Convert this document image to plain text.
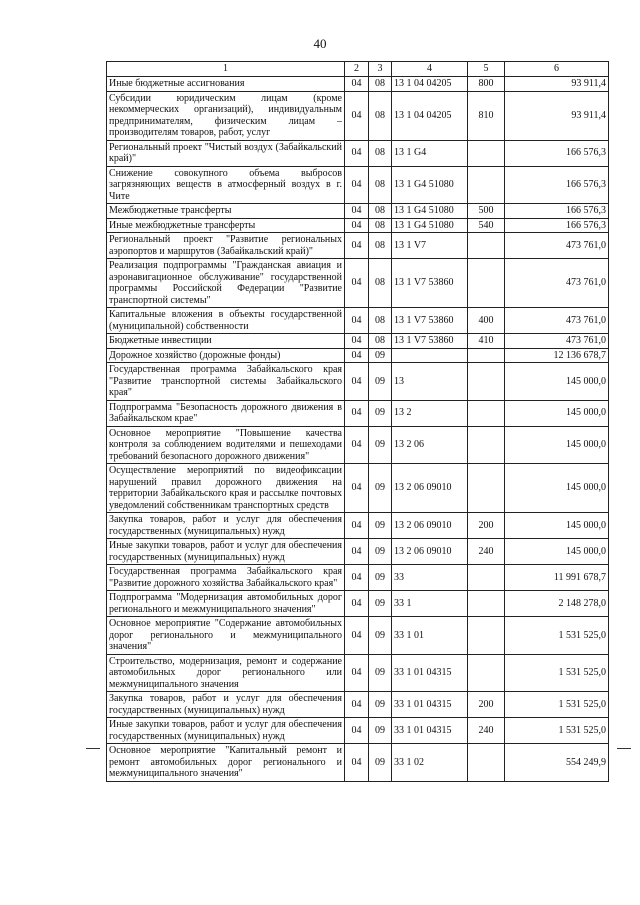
40
1	2	3	4	5	6
Иные бюджетные ассигнования	04	08	13 1 04 04205	800	93 911,4
Субсидии юридическим лицам (кроме некоммерческих организаций), индивидуальным предпринимателям, физическим лицам – производителям товаров, работ, услуг	04	08	13 1 04 04205	810	93 911,4
Региональный проект "Чистый воздух (Забайкальский край)"	04	08	13 1 G4		166 576,3
Снижение совокупного объема выбросов загрязняющих веществ в атмосферный воздух в г. Чите	04	08	13 1 G4 51080		166 576,3
Межбюджетные трансферты	04	08	13 1 G4 51080	500	166 576,3
Иные межбюджетные трансферты	04	08	13 1 G4 51080	540	166 576,3
Региональный проект "Развитие региональных аэропортов и маршрутов (Забайкальский край)"	04	08	13 1 V7		473 761,0
Реализация подпрограммы "Гражданская авиация и аэронавигационное обслуживание" государственной программы Российской Федерации "Развитие транспортной системы"	04	08	13 1 V7 53860		473 761,0
Капитальные вложения в объекты государственной (муниципальной) собственности	04	08	13 1 V7 53860	400	473 761,0
Бюджетные инвестиции	04	08	13 1 V7 53860	410	473 761,0
Дорожное хозяйство (дорожные фонды)	04	09			12 136 678,7
Государственная программа Забайкальского края "Развитие транспортной системы Забайкальского края"	04	09	13		145 000,0
Подпрограмма "Безопасность дорожного движения в Забайкальском крае"	04	09	13 2		145 000,0
Основное мероприятие "Повышение качества контроля за соблюдением водителями и пешеходами требований безопасного дорожного движения"	04	09	13 2 06		145 000,0
Осуществление мероприятий по видеофиксации нарушений правил дорожного движения на территории Забайкальского края и рассылке почтовых уведомлений собственникам транспортных средств	04	09	13 2 06 09010		145 000,0
Закупка товаров, работ и услуг для обеспечения государственных (муниципальных) нужд	04	09	13 2 06 09010	200	145 000,0
Иные закупки товаров, работ и услуг для обеспечения государственных (муниципальных) нужд	04	09	13 2 06 09010	240	145 000,0
Государственная программа Забайкальского края "Развитие дорожного хозяйства Забайкальского края"	04	09	33		11 991 678,7
Подпрограмма "Модернизация автомобильных дорог регионального и межмуниципального значения"	04	09	33 1		2 148 278,0
Основное мероприятие "Содержание автомобильных дорог регионального и межмуниципального значения"	04	09	33 1 01		1 531 525,0
Строительство, модернизация, ремонт и содержание автомобильных дорог регионального или межмуниципального значения	04	09	33 1 01 04315		1 531 525,0
Закупка товаров, работ и услуг для обеспечения государственных (муниципальных) нужд	04	09	33 1 01 04315	200	1 531 525,0
Иные закупки товаров, работ и услуг для обеспечения государственных (муниципальных) нужд	04	09	33 1 01 04315	240	1 531 525,0
Основное мероприятие "Капитальный ремонт и ремонт автомобильных дорог регионального и межмуниципального значения"	04	09	33 1 02		554 249,9
